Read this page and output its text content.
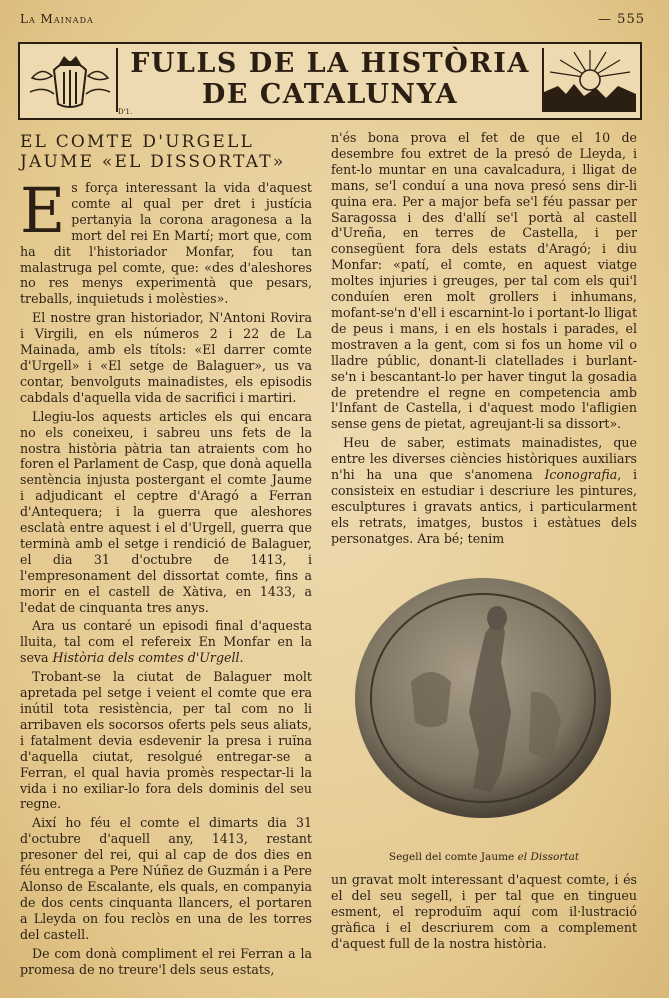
La Mainada	— 555
FULLS DE LA HISTÒRIA
DE CATALUNYA
D'1.
EL COMTE D'URGELL
JAUME «EL DISSORTAT»

Es força interessant la vida d'aquest comte al qual per dret i justícia pertanyia la corona aragonesa a la mort del rei En Martí; mort que, com ha dit l'historiador Monfar, fou tan malastruga pel comte, que: «des d'aleshores no res menys experimentà que pesars, treballs, inquietuds i molèsties».

El nostre gran historiador, N'Antoni Rovira i Virgili, en els números 2 i 22 de La Mainada, amb els títols: «El darrer comte d'Urgell» i «El setge de Balaguer», us va contar, benvolguts mainadistes, els episodis cabdals d'aquella vida de sacrifici i martiri.

Llegiu-los aquests articles els qui encara no els coneixeu, i sabreu uns fets de la nostra història pàtria tan atraients com ho foren el Parlament de Casp, que donà aquella sentència injusta postergant el comte Jaume i adjudicant el ceptre d'Aragó a Ferran d'Antequera; i la guerra que aleshores esclatà entre aquest i el d'Urgell, guerra que terminà amb el setge i rendició de Balaguer, el dia 31 d'octubre de 1413, i l'empresonament del dissortat comte, fins a morir en el castell de Xàtiva, en 1433, a l'edat de cinquanta tres anys.

Ara us contaré un episodi final d'aquesta lluita, tal com el refereix En Monfar en la seva Història dels comtes d'Urgell.

Trobant-se la ciutat de Balaguer molt apretada pel setge i veient el comte que era inútil tota resistència, per tal com no li arribaven els socorsos oferts pels seus aliats, i fatalment devia esdevenir la presa i ruïna d'aquella ciutat, resolgué entregar-se a Ferran, el qual havia promès respectar-li la vida i no exiliar-lo fora dels dominis del seu regne.

Així ho féu el comte el dimarts dia 31 d'octubre d'aquell any, 1413, restant presoner del rei, qui al cap de dos dies en féu entrega a Pere Núñez de Guzmán i a Pere Alonso de Escalante, els quals, en companyia de dos cents cinquanta llancers, el portaren a Lleyda on fou reclòs en una de les torres del castell.

De com donà compliment el rei Ferran a la promesa de no treure'l dels seus estats,

n'és bona prova el fet de que el 10 de desembre fou extret de la presó de Lleyda, i fent-lo muntar en una cavalcadura, i lligat de mans, se'l conduí a una nova presó sens dir-li quina era. Per a major befa se'l féu passar per Saragossa i des d'allí se'l portà al castell d'Ureña, en terres de Castella, i per consegüent fora dels estats d'Aragó; i diu Monfar: «patí, el comte, en aquest viatge moltes injuries i greuges, per tal com els qui'l conduíen eren molt grollers i inhumans, mofant-se'n d'ell i escarnint-lo i portant-lo lligat de peus i mans, i en els hostals i parades, el mostraven a la gent, com si fos un home vil o lladre públic, donant-li clatellades i burlant-se'n i bescantant-lo per haver tingut la gosadia de pretendre el regne en competencia amb l'Infant de Castella, i d'aquest modo l'afligien sense gens de pietat, agreujant-li sa dissort».

Heu de saber, estimats mainadistes, que entre les diverses ciències històriques auxiliars n'hi ha una que s'anomena Iconografia, i consisteix en estudiar i descriure les pintures, esculptures i gravats antics, i particularment els retrats, imatges, bustos i estàtues dels personatges. Ara bé; tenim

Segell del comte Jaume el Dissortat

un gravat molt interessant d'aquest comte, i és el del seu segell, i per tal que en tingueu esment, el reproduïm aquí com il·lustració gràfica i el descriurem com a complement d'aquest full de la nostra història.
